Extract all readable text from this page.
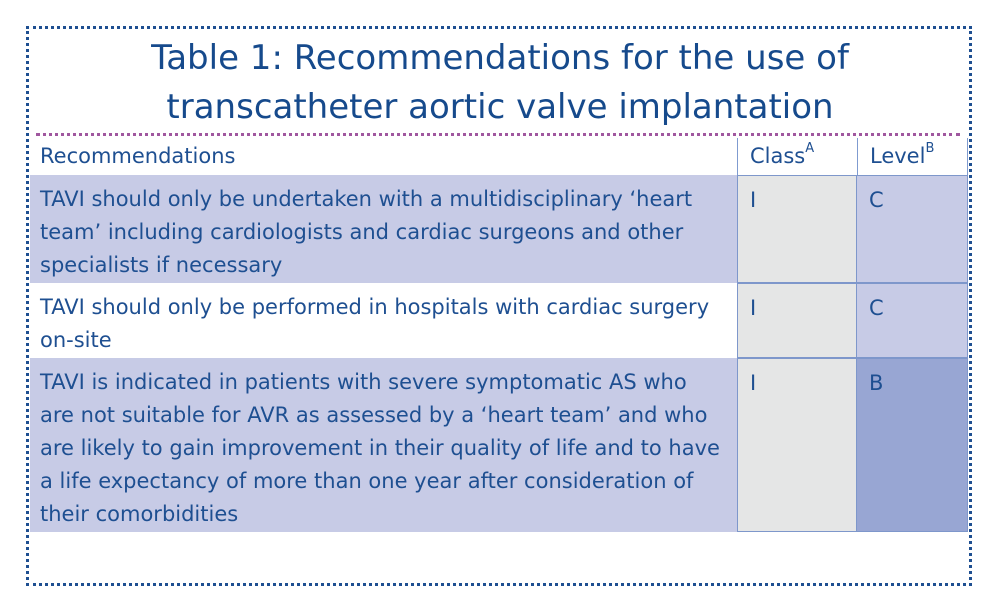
Table 1: Recommendations for the use of
transcatheter aortic valve implantation
Recommendations	Class$^A$	Level$^B$
TAVI should only be undertaken with a multidisciplinary ‘heart
team’ including cardiologists and cardiac surgeons and other
specialists if necessary
I	C
TAVI should only be performed in hospitals with cardiac surgery
on-site
I	C
TAVI is indicated in patients with severe symptomatic AS who
are not suitable for AVR as assessed by a ‘heart team’ and who
are likely to gain improvement in their quality of life and to have
a life expectancy of more than one year after consideration of
their comorbidities
I	B
